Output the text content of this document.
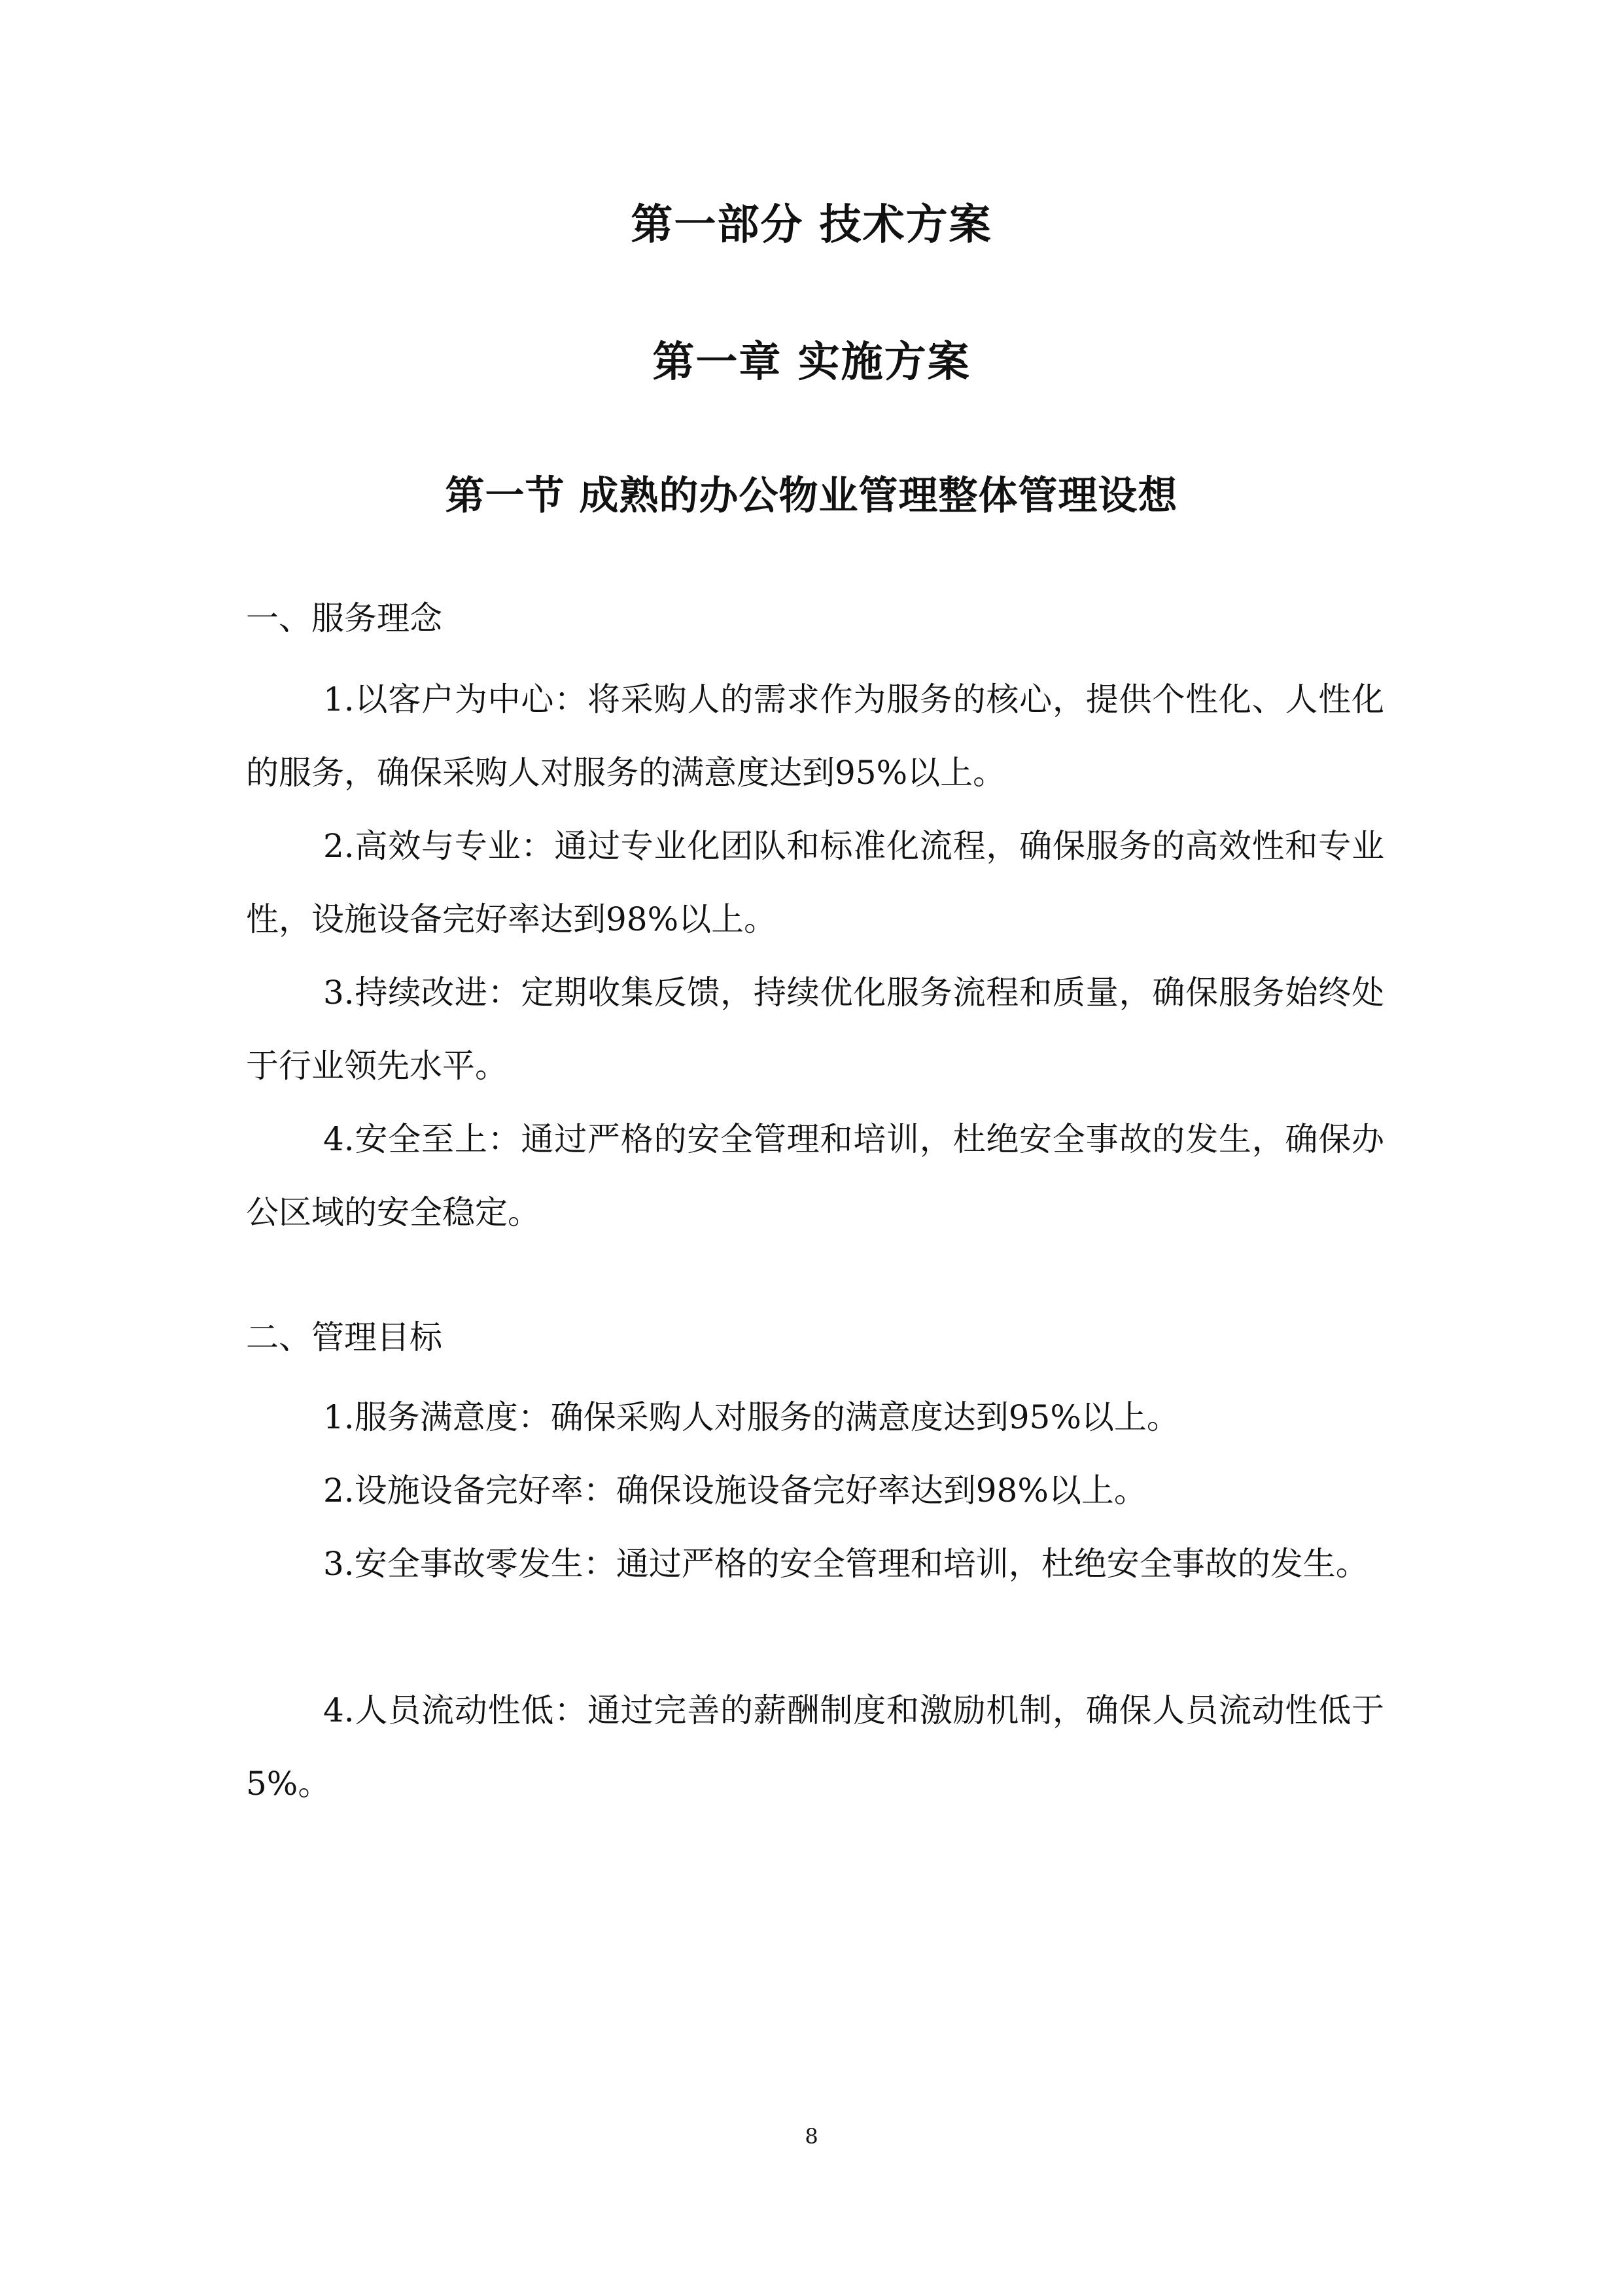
第一部分 技术方案
第一章 实施方案
第一节 成熟的办公物业管理整体管理设想
一、服务理念

1.以客户为中心：将采购人的需求作为服务的核心，提供个性化、人性化的服务，确保采购人对服务的满意度达到95%以上。

2.高效与专业：通过专业化团队和标准化流程，确保服务的高效性和专业性，设施设备完好率达到98%以上。

3.持续改进：定期收集反馈，持续优化服务流程和质量，确保服务始终处于行业领先水平。

4.安全至上：通过严格的安全管理和培训，杜绝安全事故的发生，确保办公区域的安全稳定。

二、管理目标

1.服务满意度：确保采购人对服务的满意度达到95%以上。

2.设施设备完好率：确保设施设备完好率达到98%以上。

3.安全事故零发生：通过严格的安全管理和培训，杜绝安全事故的发生。

4.人员流动性低：通过完善的薪酬制度和激励机制，确保人员流动性低于5%。

8
